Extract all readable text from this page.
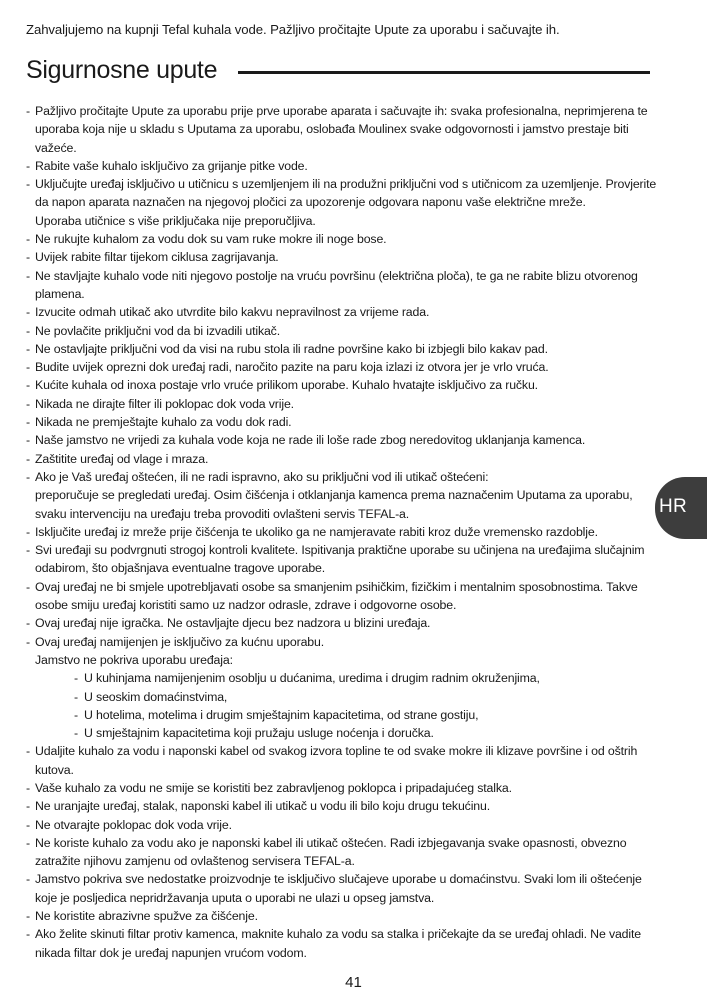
Zahvaljujemo na kupnji Tefal kuhala vode. Pažljivo pročitajte Upute za uporabu i sačuvajte ih.
Sigurnosne upute
- Pažljivo pročitajte Upute za uporabu prije prve uporabe aparata i sačuvajte ih: svaka profesionalna, neprimjerena te
uporaba koja nije u skladu s Uputama za uporabu, oslobađa Moulinex svake odgovornosti i jamstvo prestaje biti
važeće.
- Rabite vaše kuhalo isključivo za grijanje pitke vode.
- Uključujte uređaj isključivo u utičnicu s uzemljenjem ili na produžni priključni vod s utičnicom za uzemljenje. Provjerite
da napon aparata naznačen na njegovoj pločici za upozorenje odgovara naponu vaše električne mreže.
Uporaba utičnice s više priključaka nije preporučljiva.
- Ne rukujte kuhalom za vodu dok su vam ruke mokre ili noge bose.
- Uvijek rabite filtar tijekom ciklusa zagrijavanja.
- Ne stavljajte kuhalo vode niti njegovo postolje na vruću površinu (električna ploča), te ga ne rabite blizu otvorenog
plamena.
- Izvucite odmah utikač ako utvrdite bilo kakvu nepravilnost za vrijeme rada.
- Ne povlačite priključni vod da bi izvadili utikač.
- Ne ostavljajte priključni vod da visi na rubu stola ili radne površine kako bi izbjegli bilo kakav pad.
- Budite uvijek oprezni dok uređaj radi, naročito pazite na paru koja izlazi iz otvora jer je vrlo vruća.
- Kućite kuhala od inoxa postaje vrlo vruće prilikom uporabe. Kuhalo hvatajte isključivo za ručku.
- Nikada ne dirajte filter ili poklopac dok voda vrije.
- Nikada ne premještajte kuhalo za vodu dok radi.
- Naše jamstvo ne vrijedi za kuhala vode koja ne rade ili loše rade zbog neredovitog uklanjanja kamenca.
- Zaštitite uređaj od vlage i mraza.
- Ako je Vaš uređaj oštećen, ili ne radi ispravno, ako su priključni vod ili utikač oštećeni:
preporučuje se pregledati uređaj. Osim čišćenja i otklanjanja kamenca prema naznačenim Uputama za uporabu,
svaku intervenciju na uređaju treba provoditi ovlašteni servis TEFAL-a.
- Isključite uređaj iz mreže prije čišćenja te ukoliko ga ne namjeravate rabiti kroz duže vremensko razdoblje.
- Svi uređaji su podvrgnuti strogoj kontroli kvalitete. Ispitivanja praktične uporabe su učinjena na uređajima slučajnim
odabirom, što objašnjava eventualne tragove uporabe.
- Ovaj uređaj ne bi smjele upotrebljavati osobe sa smanjenim psihičkim, fizičkim i mentalnim sposobnostima. Takve
osobe smiju uređaj koristiti samo uz nadzor odrasle, zdrave i odgovorne osobe.
- Ovaj uređaj nije igračka. Ne ostavljajte djecu bez nadzora u blizini uređaja.
- Ovaj uređaj namijenjen je isključivo za kućnu uporabu.
Jamstvo ne pokriva uporabu uređaja:
- U kuhinjama namijenjenim osoblju u dućanima, uredima i drugim radnim okruženjima,
- U seoskim domaćinstvima,
- U hotelima, motelima i drugim smještajnim kapacitetima, od strane gostiju,
- U smještajnim kapacitetima koji pružaju usluge noćenja i doručka.
- Udaljite kuhalo za vodu i naponski kabel od svakog izvora topline te od svake mokre ili klizave površine i od oštrih
kutova.
- Vaše kuhalo za vodu ne smije se koristiti bez zabravljenog poklopca i pripadajućeg stalka.
- Ne uranjajte uređaj, stalak, naponski kabel ili utikač u vodu ili bilo koju drugu tekućinu.
- Ne otvarajte poklopac dok voda vrije.
- Ne koriste kuhalo za vodu ako je naponski kabel ili utikač oštećen. Radi izbjegavanja svake opasnosti, obvezno
zatražite njihovu zamjenu od ovlaštenog servisera TEFAL-a.
- Jamstvo pokriva sve nedostatke proizvodnje te isključivo slučajeve uporabe u domaćinstvu. Svaki lom ili oštećenje
koje je posljedica nepridržavanja uputa o uporabi ne ulazi u opseg jamstva.
- Ne koristite abrazivne spužve za čišćenje.
- Ako želite skinuti filtar protiv kamenca, maknite kuhalo za vodu sa stalka i pričekajte da se uređaj ohladi. Ne vadite
nikada filtar dok je uređaj napunjen vrućom vodom.
HR
41
